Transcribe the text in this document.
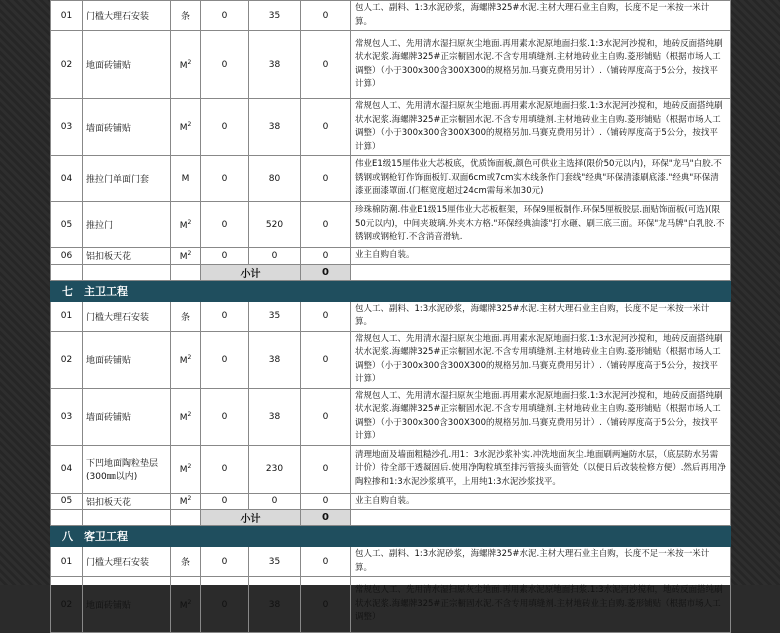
01	门槛大理石安装	条	0	35	0	包人工、副料、1:3水泥砂浆，海螺牌325#水泥.主材大理石业主自购，长度不足一米按一米计算。
02	地面砖铺贴	$M^2$	0	38	0	常规包人工、先用清水湿扫原灰尘地面.再用素水泥原地面扫浆.1:3水泥河沙搅和，地砖反面搭纯刷状水泥浆.海螺牌325#正宗橱固水泥.不含专用填缝剂.主材地砖业主自购.菱形铺贴（根据市场人工调整）（小于300x300含300X300的规格另加.马赛克费用另计）.（铺砖厚度高于5公分，按找平计算）
03	墙面砖铺贴	$M^2$	0	38	0	常规包人工、先用清水湿扫原灰尘地面.再用素水泥原地面扫浆.1:3水泥河沙搅和，地砖反面搭纯刷状水泥浆.海螺牌325#正宗橱固水泥.不含专用填缝剂.主材地砖业主自购.菱形铺贴（根据市场人工调整）（小于300x300含300X300的规格另加.马赛克费用另计）.（铺砖厚度高于5公分，按找平计算）
04	推拉门单面门套	M	0	80	0	伟业E1级15厘伟业大芯板底，优质饰面板,颜色可供业主选择(限价50元以内)，环保"龙马"白胶.不锈钢或钢枪钉作饰面板钉.双面6cm或7cm实木线条作门套线"经典"环保清漆刷底漆."经典"环保清漆亚面漆罩面.(门框宽度超过24cm需每米加30元)
05	推拉门	$M^2$	0	520	0	珍珠棉防潮.伟业E1级15厘伟业大芯板框架，环保9厘板制作.环保5厘板胶层.面贴饰面板(可选)(限50元以内)，中间夹玻璃.外夹木方格."环保经典油漆"打水砸、刷三底三面。环保"龙马牌"白乳胶.不锈钢或钢枪钉.不含消音滑轨.
06	铝扣板天花	$M^2$	0	0	0	业主自购自装。
			小计		0	
七 主卫工程						
01	门槛大理石安装	条	0	35	0	包人工、副料、1:3水泥砂浆，海螺牌325#水泥.主材大理石业主自购，长度不足一米按一米计算。
02	地面砖铺贴	$M^2$	0	38	0	常规包人工、先用清水湿扫原灰尘地面.再用素水泥原地面扫浆.1:3水泥河沙搅和，地砖反面搭纯刷状水泥浆.海螺牌325#正宗橱固水泥.不含专用填缝剂.主材地砖业主自购.菱形铺贴（根据市场人工调整）（小于300x300含300X300的规格另加.马赛克费用另计）.（铺砖厚度高于5公分，按找平计算）
03	墙面砖铺贴	$M^2$	0	38	0	常规包人工、先用清水湿扫原灰尘地面.再用素水泥原地面扫浆.1:3水泥河沙搅和，地砖反面搭纯刷状水泥浆.海螺牌325#正宗橱固水泥.不含专用填缝剂.主材地砖业主自购.菱形铺贴（根据市场人工调整）（小于300x300含300X300的规格另加.马赛克费用另计）.（铺砖厚度高于5公分，按找平计算）
04	下凹地面陶粒垫层(300㎜以内)	$M^2$	0	230	0	清理地面及墙面粗糙沙孔.用1：3水泥沙浆补实.冲洗地面灰尘.地面刷两遍防水层，（底层防水另需计价）待全部干透凝固后.使用净陶粒填至排污管接头面管处（以便日后改装检修方便）.然后再用净陶粒掺和1:3水泥沙浆填平，上用纯1:3水泥沙浆找平。
05	铝扣板天花	$M^2$	0	0	0	业主自购自装。
			小计		0	
八 客卫工程						
01	门槛大理石安装	条	0	35	0	包人工、副料、1:3水泥砂浆，海螺牌325#水泥.主材大理石业主自购，长度不足一米按一米计算。
02	地面砖铺贴	$M^2$	0	38	0	常规包人工、先用清水湿扫原灰尘地面.再用素水泥原地面扫浆.1:3水泥河沙搅和，地砖反面搭纯刷状水泥浆.海螺牌325#正宗橱固水泥.不含专用填缝剂.主材地砖业主自购.菱形铺贴（根据市场人工调整）
